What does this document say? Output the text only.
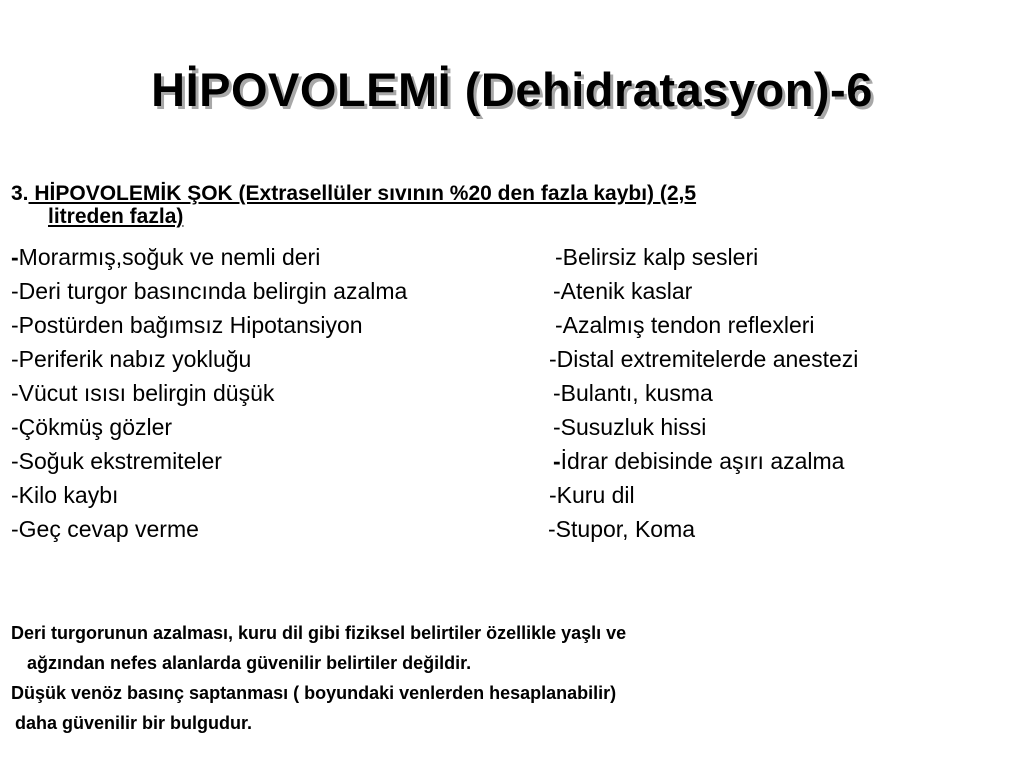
HİPOVOLEMİ (Dehidratasyon)-6
3. HİPOVOLEMİK ŞOK (Extrasellüler sıvının %20 den fazla kaybı) (2,5
litreden fazla)
-Morarmış,soğuk ve nemli deri
-Deri turgor basıncında belirgin azalma
-Postürden bağımsız Hipotansiyon
-Periferik nabız yokluğu
-Vücut ısısı belirgin düşük
-Çökmüş gözler
-Soğuk ekstremiteler
-Kilo kaybı
-Geç cevap verme
-Belirsiz kalp sesleri
-Atenik kaslar
-Azalmış tendon reflexleri
-Distal extremitelerde anestezi
-Bulantı, kusma
-Susuzluk hissi
-İdrar debisinde aşırı azalma
-Kuru dil
-Stupor, Koma
Deri turgorunun azalması, kuru dil gibi fiziksel belirtiler özellikle yaşlı ve
ağzından nefes alanlarda güvenilir belirtiler değildir.
Düşük venöz basınç saptanması ( boyundaki venlerden hesaplanabilir)
daha güvenilir bir bulgudur.
